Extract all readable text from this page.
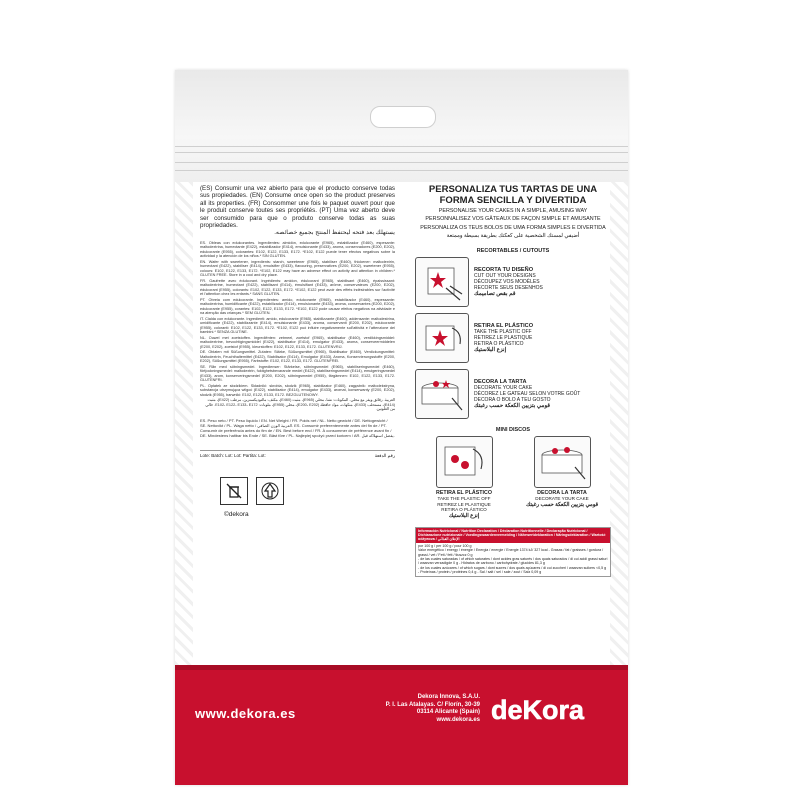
(ES) Consumir una vez abierto para que el producto conserve todas sus propiedades. (EN) Consume once open so the product preserves all its properties. (FR) Consommer une fois le paquet ouvert pour que le produit conserve toutes ses propriétés. (PT) Uma vez aberto deve ser consumido para que o produto conserve todas as suas propriedades.

يستهلك بعد فتحه ليحتفظ المنتج بجميع خصائصه.

ES. Obleas con edulcorantes. Ingredientes: almidón, edulcorante (E965), estabilizador (E460), espesante: maltodextrina, humectante (E422), estabilizador (E414), emulsionante (E433), aroma, conservadores (E200, E202), edulcorante (E955), colorantes: E102, E122, E133, E172. *E102, E122 puede tener efectos negativos sobre la actividad y la atención de los niños.* SIN GLUTEN.

EN. Wafer with sweetener, ingredients: starch, sweetener (E965), stabiliser (E460), thickener: maltodextrin, humectant (E422), stabiliser (E414), emulsifier (E433), flavouring, preservatives (E200, E202), sweetener (E955), colours: E102, E122, E133, E172. *E102, E122 may have an adverse effect on activity and attention in children.* GLUTEN FREE. Store in a cool and dry place.

FR. Gaufrette avec édulcorant. Ingrédients: amidon, édulcorant (E965), stabilisant (E460), épaississant: maltodextrine, humectant (E422), stabilisant (E414), émulsifiant (E433), arôme, conservateurs (E200, E202), édulcorant (E955), colorants: E102, E122, E133, E172. *E102, E122 peut avoir des effets indésirables sur l'activité et l'attention chez les enfants.* SANS GLUTEN.

PT. Obreia com edulcorante. Ingredientes: amido, edulcorante (E965), estabilizador (E460), espessante: maltodextrina, humidificante (E422), estabilizador (E414), emulsionante (E433), aroma, conservantes (E200, E202), edulcorante (E955), corantes: E102, E122, E133, E172. *E102, E122 pode causar efeitos negativos na atividade e na atenção das crianças.* SEM GLÚTEN.

IT. Cialda con edulcorante. Ingredienti: amido, edulcorante (E965), stabilizzante (E460), addensante: maltodestrina, umidificante (E422), stabilizzante (E414), emulsionante (E433), aroma, conservanti (E200, E202), edulcorante (E955), coloranti: E102, E122, E133, E172. *E102, E122 può influire negativamente sull'attività e l'attenzione dei bambini.* SENZA GLUTINE.

NL. Ouwel met zoetstoffen. Ingrediënten: zetmeel, zoetstof (E965), stabilisator (E460), verdikkingsmiddel: maltodextrine, bevochtigingsmiddel (E422), stabilisator (E414), emulgator (E433), aroma, conserveermiddelen (E200, E202), zoetstof (E955), kleurstoffen: E102, E122, E133, E172. GLUTENVRIJ.

DE. Oblaten mit Süßungsmittel. Zutaten: Stärke, Süßungsmittel (E965), Stabilisator (E460), Verdickungsmittel: Maltodextrin, Feuchthaltemittel (E422), Stabilisator (E414), Emulgator (E433), Aroma, Konservierungsstoffe (E200, E202), Süßungsmittel (E955), Farbstoffe: E102, E122, E133, E172. GLUTENFREI.

SE. Rån med sötningsmedel. Ingredienser: Stärkelse, sötningsmedel (E965), stabiliseringsmedel (E460), förtjockningsmedel: maltodextrin, fuktighetsbevarande medel (E422), stabiliseringsmedel (E414), emulgeringsmedel (E433), arom, konserveringsmedel (E200, E202), sötningsmedel (E955), färgämnen: E102, E122, E133, E172. GLUTENFRI.

PL. Opłatek ze słodzikiem. Składniki: skrobia, słodzik (E965), stabilizator (E460), zagęstnik: maltodekstryna, substancja utrzymująca wilgoć (E422), stabilizator (E414), emulgator (E433), aromat, konserwanty (E200, E202), słodzik (E955), barwniki: E102, E122, E133, E172. BEZGLUTENOWY.

العربية. رقائق ويفر مع محلي. المكونات: نشا، محلي (E965)، مثبت (E460)، مكثف: مالتوديكسترين، مرطب (E422)، مثبت (E414)، مستحلب (E433)، منكهات، مواد حافظة (E200، E202)، محلي (E955)، ملونات: E102، E122، E133، E172. خالي من الغلوتين.

ES. Peso neto / PT. Peso líquido / EN. Net Weight / FR. Poids net / NL. Netto gewicht / DE. Nettogewicht / SE. Nettovikt / PL. Waga netto / العربية الوزن الصافي. ES. Consumir preferentemente antes del fin de / PT. Consumir de preferência antes do fim de / EN. Best before end / FR. À consommer de préférence avant fin / DE. Mindestens haltbar bis Ende / SE. Bäst före / PL. Najlepiej spożyć przed końcem / AR. يفضل استهلاكه قبل.
Lote: Batch: Lot: Lot: Partita: Lot:	رقم الدفعة
©dekora

PERSONALIZA TUS TARTAS DE UNA FORMA SENCILLA Y DIVERTIDA

PERSONALISE YOUR CAKES IN A SIMPLE, AMUSING WAY

PERSONNALISEZ VOS GÂTEAUX DE FAÇON SIMPLE ET AMUSANTE

PERSONALIZA OS TEUS BOLOS DE UMA FORMA SIMPLES E DIVERTIDA

أضيفي لمستك الشخصية على كعكتك بطريقة بسيطة وممتعة

RECORTABLES / CUTOUTS
RECORTA TU DISEÑO
CUT OUT YOUR DESIGNS
DÉCOUPEZ VOS MODÈLES
RECORTE SEUS DESENHOS
قم بقص تصاميمك
RETIRA EL PLÁSTICO
TAKE THE PLASTIC OFF
RETIREZ LE PLASTIQUE
RETIRA O PLÁSTICO
إنزع البلاستيك
DECORA LA TARTA
DECORATE YOUR CAKE
DÉCOREZ LE GATEAU SELON VOTRE GOÛT
DECORA O BOLO A TEU GOSTO
قومي بتزيين الكعكة حسب رغبتك
MINI DISCOS
RETIRA EL PLÁSTICO
TAKE THE PLASTIC OFF
RETIREZ LE PLASTIQUE
RETIRA O PLÁSTICO
إنزع البلاستيك
DECORA LA TARTA
DECORATE YOUR CAKE
قومي بتزيين الكعكة حسب رغبتك
Información Nutricional / Nutrition Declaration / Déclaration Nutritionnelle / Declaração Nutricional / Dichiarazione nutrizionale / Voedingswaardenvermelding / Nährwertdeklaration / Näringsdeklaration / Wartość odżywcza / الإعلان الغذائي

por 100 g / per 100 g / pour 100 g

Valor energético / energy / énergie / Energia / energie / Energie 1374 kJ/ 327 kcal - Grasas / fat / graisses / gordura / grassi / vet / Fett / fett / tłuszcz 0 g

- de las cuales saturadas / of which saturates / dont acides gras saturés / dos quais saturados / di cui acidi grassi saturi / waarvan verzadigde 0 g - Hidratos de carbono / carbohydrate / glucides 81,3 g

- de los cuales azúcares / of which sugars / dont sucres / dos quais açúcares / di cui zuccheri / waarvan suikers <0,5 g - Proteínas / protein / protéines 0,4 g - Sal / salt / sel / sale / zout / Salz 0,09 g

www.dekora.es
Dekora Innova, S.A.U.
P. I. Las Atalayas. C/ Florín, 30-39
03114 Alicante (Spain)
www.dekora.es deKora
